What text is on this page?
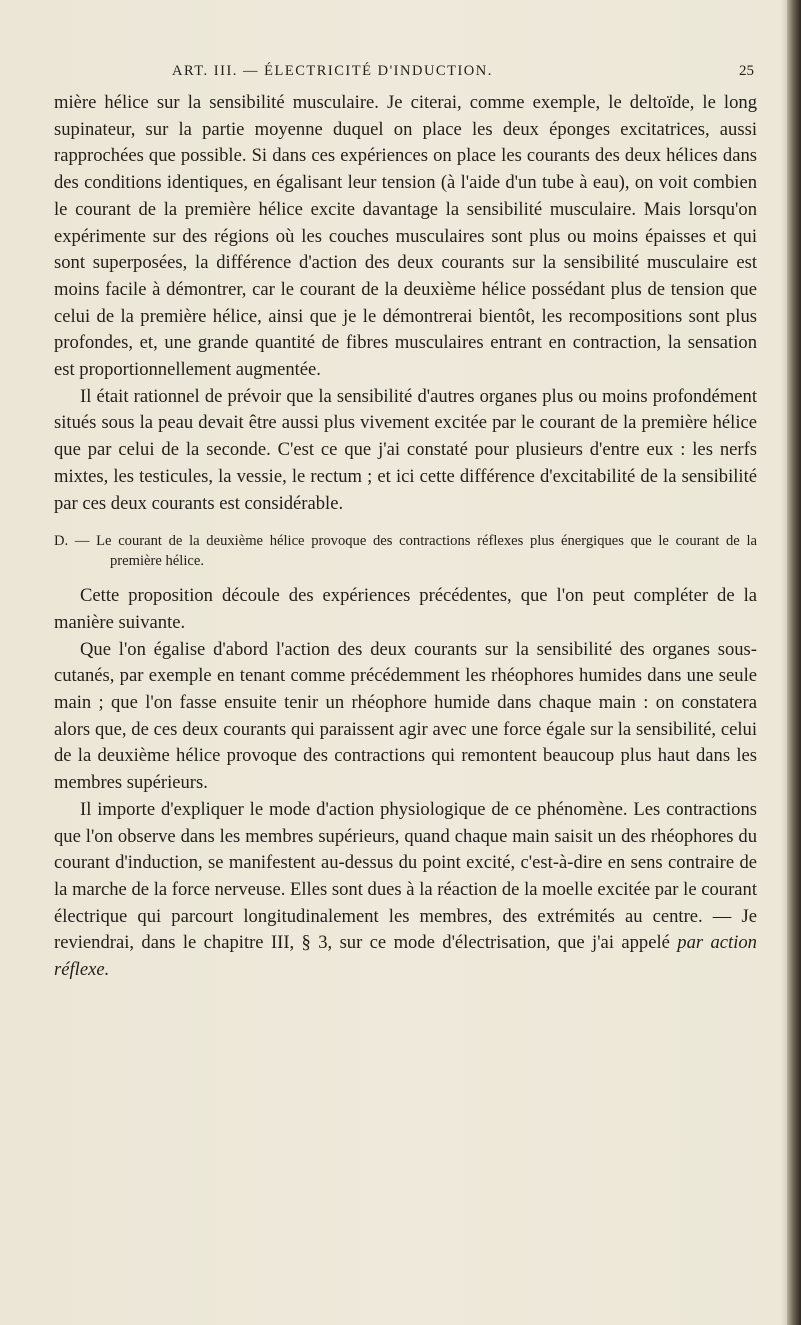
ART. III. — ÉLECTRICITÉ D'INDUCTION.	25

mière hélice sur la sensibilité musculaire. Je citerai, comme exemple, le deltoïde, le long supinateur, sur la partie moyenne duquel on place les deux éponges excitatrices, aussi rapprochées que possible. Si dans ces expériences on place les courants des deux hélices dans des conditions identiques, en égalisant leur tension (à l'aide d'un tube à eau), on voit combien le courant de la première hélice excite davantage la sensibilité musculaire. Mais lorsqu'on expérimente sur des régions où les couches musculaires sont plus ou moins épaisses et qui sont superposées, la différence d'action des deux courants sur la sensibilité musculaire est moins facile à démontrer, car le courant de la deuxième hélice possédant plus de tension que celui de la première hélice, ainsi que je le démontrerai bientôt, les recompositions sont plus profondes, et, une grande quantité de fibres musculaires entrant en contraction, la sensation est proportionnellement augmentée.

Il était rationnel de prévoir que la sensibilité d'autres organes plus ou moins profondément situés sous la peau devait être aussi plus vivement excitée par le courant de la première hélice que par celui de la seconde. C'est ce que j'ai constaté pour plusieurs d'entre eux : les nerfs mixtes, les testicules, la vessie, le rectum ; et ici cette différence d'excitabilité de la sensibilité par ces deux courants est considérable.

D. — Le courant de la deuxième hélice provoque des contractions réflexes plus énergiques que le courant de la première hélice.

Cette proposition découle des expériences précédentes, que l'on peut compléter de la manière suivante.

Que l'on égalise d'abord l'action des deux courants sur la sensibilité des organes sous-cutanés, par exemple en tenant comme précédemment les rhéophores humides dans une seule main ; que l'on fasse ensuite tenir un rhéophore humide dans chaque main : on constatera alors que, de ces deux courants qui paraissent agir avec une force égale sur la sensibilité, celui de la deuxième hélice provoque des contractions qui remontent beaucoup plus haut dans les membres supérieurs.

Il importe d'expliquer le mode d'action physiologique de ce phénomène. Les contractions que l'on observe dans les membres supérieurs, quand chaque main saisit un des rhéophores du courant d'induction, se manifestent au-dessus du point excité, c'est-à-dire en sens contraire de la marche de la force nerveuse. Elles sont dues à la réaction de la moelle excitée par le courant électrique qui parcourt longitudinalement les membres, des extrémités au centre. — Je reviendrai, dans le chapitre III, § 3, sur ce mode d'électrisation, que j'ai appelé par action réflexe.
